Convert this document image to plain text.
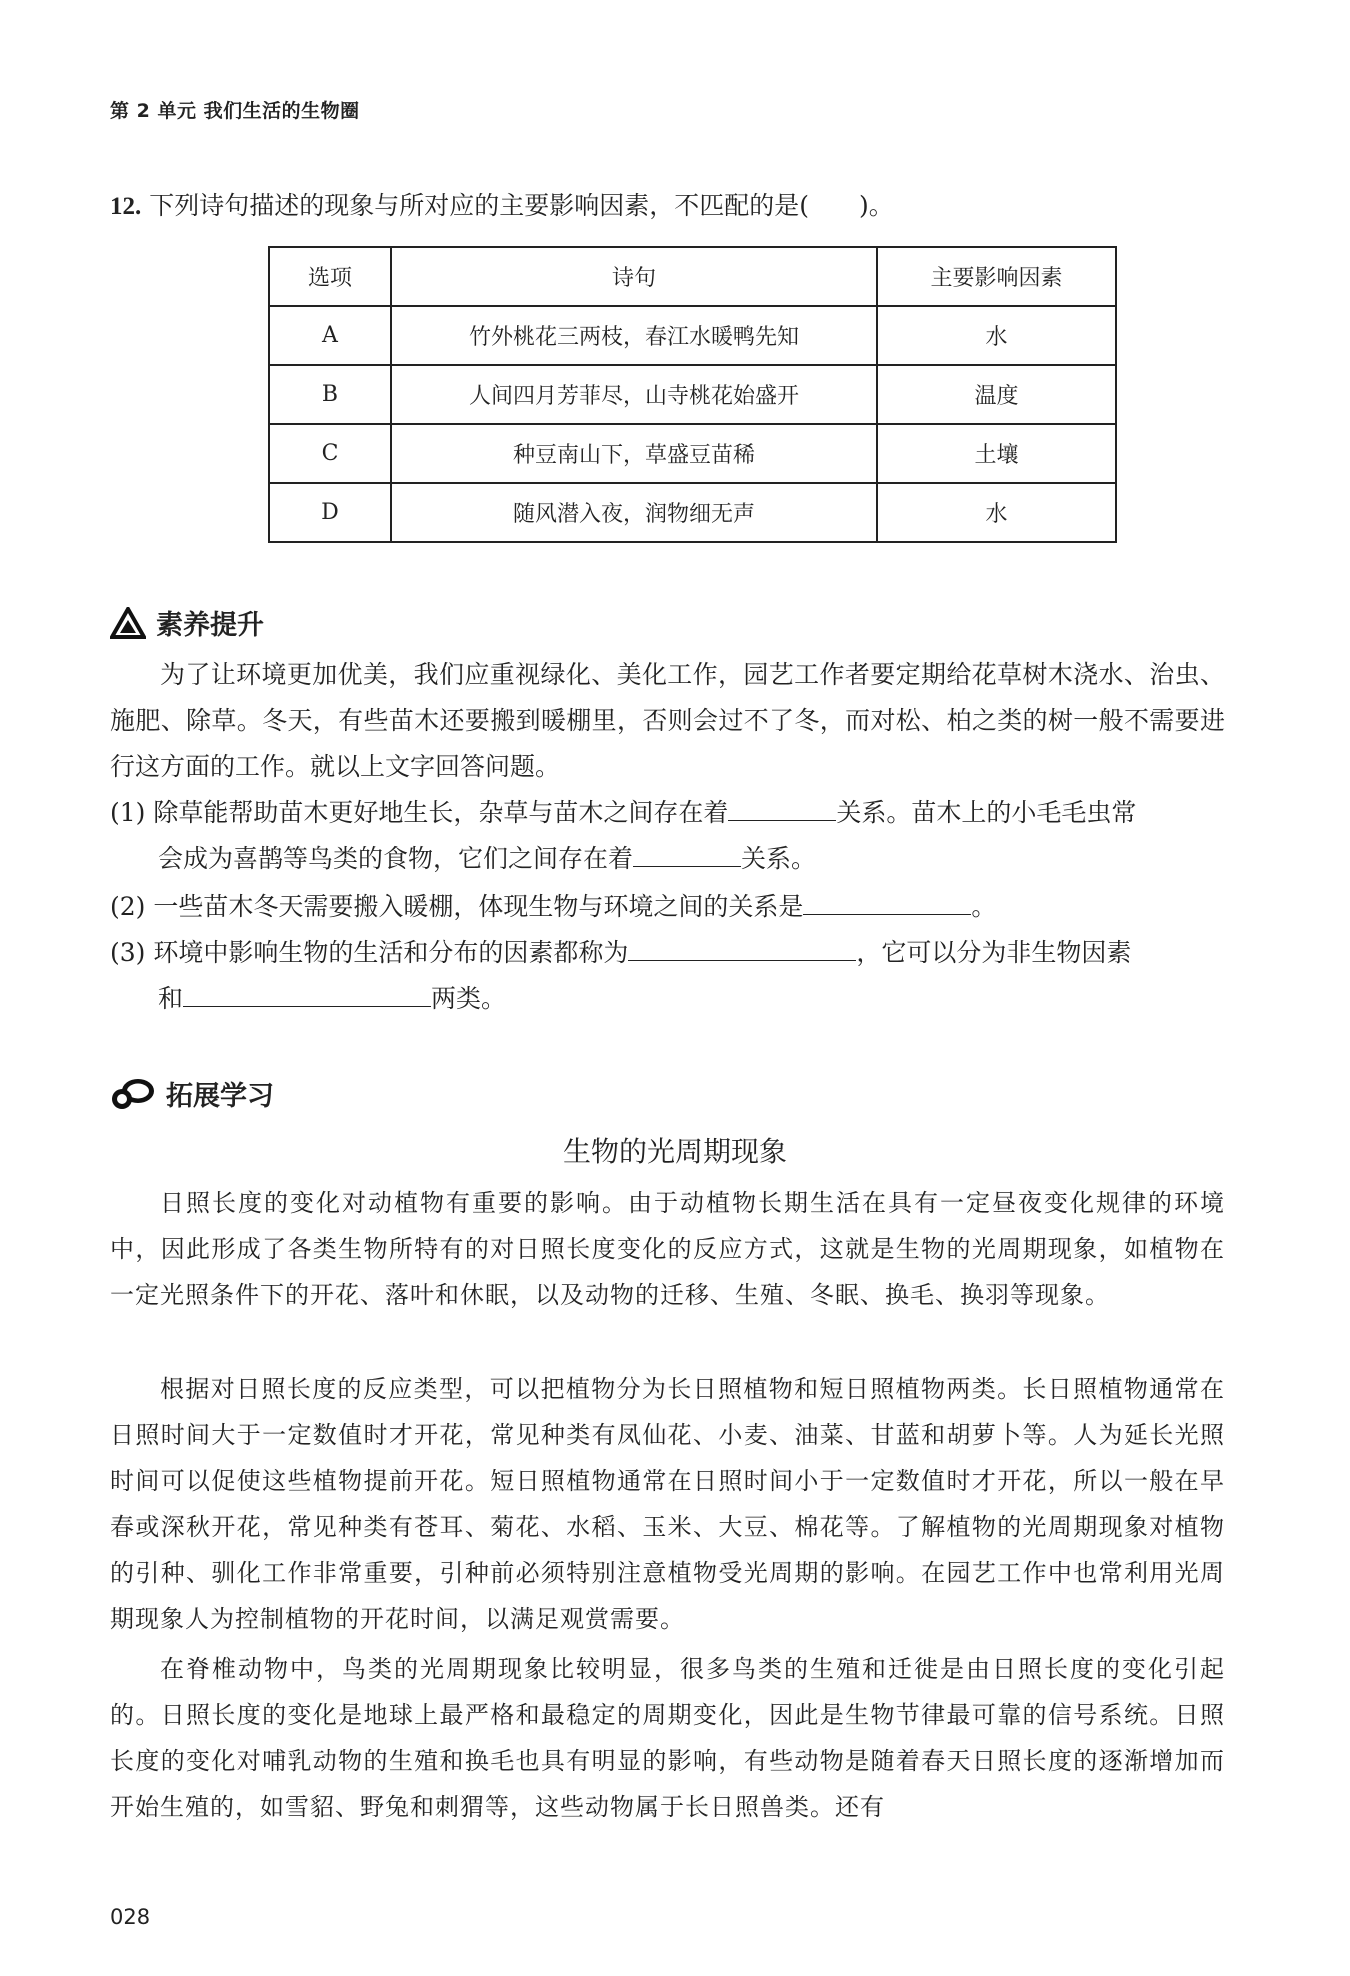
第 2 单元 我们生活的生物圈
12. 下列诗句描述的现象与所对应的主要影响因素，不匹配的是(　　)。
选项	诗句	主要影响因素
A	竹外桃花三两枝，春江水暖鸭先知	水
B	人间四月芳菲尽，山寺桃花始盛开	温度
C	种豆南山下，草盛豆苗稀	土壤
D	随风潜入夜，润物细无声	水
素养提升
为了让环境更加优美，我们应重视绿化、美化工作，园艺工作者要定期给花草树木浇水、治虫、施肥、除草。冬天，有些苗木还要搬到暖棚里，否则会过不了冬，而对松、柏之类的树一般不需要进行这方面的工作。就以上文字回答问题。
(1) 除草能帮助苗木更好地生长，杂草与苗木之间存在着	关系。苗木上的小毛毛虫常
会成为喜鹊等鸟类的食物，它们之间存在着	关系。
(2) 一些苗木冬天需要搬入暖棚，体现生物与环境之间的关系是	。
(3) 环境中影响生物的生活和分布的因素都称为	，它可以分为非生物因素
和	两类。
拓展学习
生物的光周期现象
日照长度的变化对动植物有重要的影响。由于动植物长期生活在具有一定昼夜变化规律的环境中，因此形成了各类生物所特有的对日照长度变化的反应方式，这就是生物的光周期现象，如植物在一定光照条件下的开花、落叶和休眠，以及动物的迁移、生殖、冬眠、换毛、换羽等现象。
根据对日照长度的反应类型，可以把植物分为长日照植物和短日照植物两类。长日照植物通常在日照时间大于一定数值时才开花，常见种类有凤仙花、小麦、油菜、甘蓝和胡萝卜等。人为延长光照时间可以促使这些植物提前开花。短日照植物通常在日照时间小于一定数值时才开花，所以一般在早春或深秋开花，常见种类有苍耳、菊花、水稻、玉米、大豆、棉花等。了解植物的光周期现象对植物的引种、驯化工作非常重要，引种前必须特别注意植物受光周期的影响。在园艺工作中也常利用光周期现象人为控制植物的开花时间，以满足观赏需要。
在脊椎动物中，鸟类的光周期现象比较明显，很多鸟类的生殖和迁徙是由日照长度的变化引起的。日照长度的变化是地球上最严格和最稳定的周期变化，因此是生物节律最可靠的信号系统。日照长度的变化对哺乳动物的生殖和换毛也具有明显的影响，有些动物是随着春天日照长度的逐渐增加而开始生殖的，如雪貂、野兔和刺猬等，这些动物属于长日照兽类。还有
028
